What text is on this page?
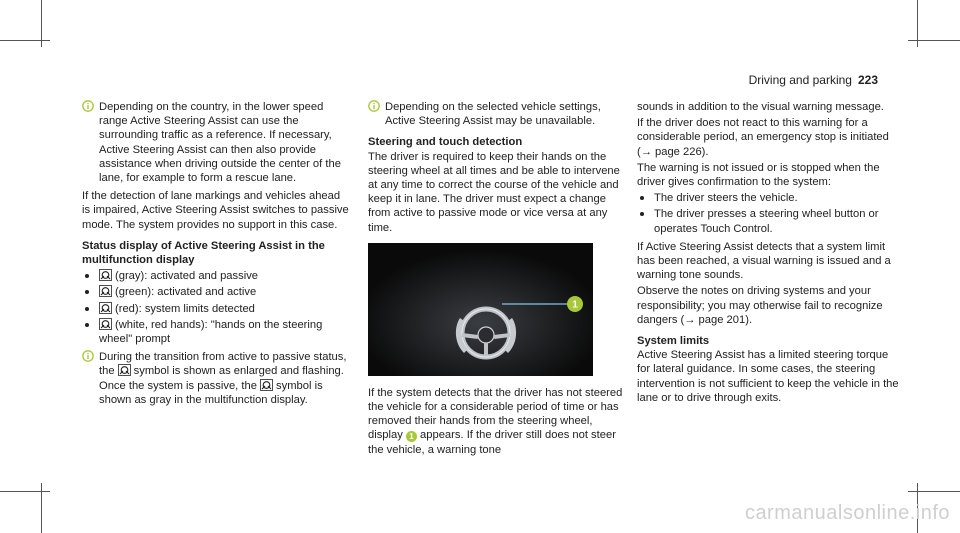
Driving and parking 223

Depending on the country, in the lower speed range Active Steering Assist can use the surrounding traffic as a reference. If necessary, Active Steering Assist can then also provide assistance when driving outside the center of the lane, for example to form a rescue lane.

If the detection of lane markings and vehicles ahead is impaired, Active Steering Assist switches to passive mode. The system provides no support in this case.

Status display of Active Steering Assist in the multifunction display
(gray): activated and passive
(green): activated and active
(red): system limits detected
(white, red hands): "hands on the steering wheel" prompt

During the transition from active to passive status, the symbol is shown as enlarged and flashing. Once the system is passive, the symbol is shown as gray in the multifunction display.

Depending on the selected vehicle settings, Active Steering Assist may be unavailable.

Steering and touch detection

The driver is required to keep their hands on the steering wheel at all times and be able to intervene at any time to correct the course of the vehicle and keep it in lane. The driver must expect a change from active to passive mode or vice versa at any time.

1

If the system detects that the driver has not steered the vehicle for a considerable period of time or has removed their hands from the steering wheel, display 1 appears. If the driver still does not steer the vehicle, a warning tone

sounds in addition to the visual warning message.

If the driver does not react to this warning for a considerable period, an emergency stop is initiated (→ page 226).

The warning is not issued or is stopped when the driver gives confirmation to the system:

The driver steers the vehicle.
The driver presses a steering wheel button or operates Touch Control.

If Active Steering Assist detects that a system limit has been reached, a visual warning is issued and a warning tone sounds.

Observe the notes on driving systems and your responsibility; you may otherwise fail to recognize dangers (→ page 201).

System limits

Active Steering Assist has a limited steering torque for lateral guidance. In some cases, the steering intervention is not sufficient to keep the vehicle in the lane or to drive through exits.

carmanualsonline.info
